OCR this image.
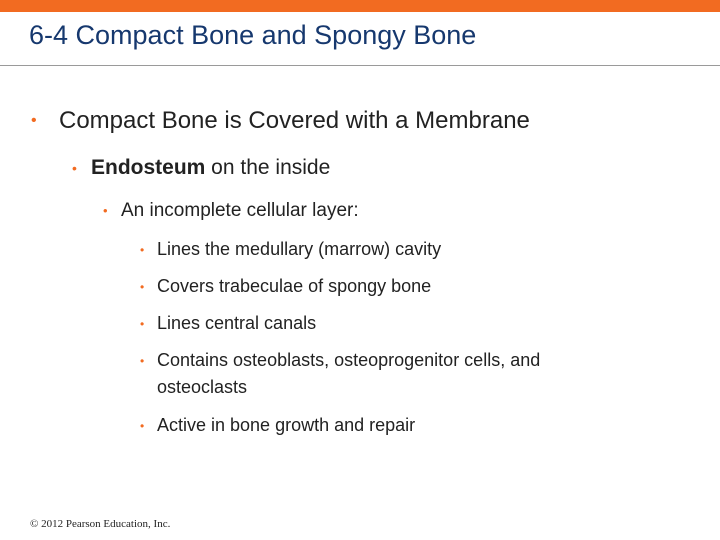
6-4 Compact Bone and Spongy Bone
• Compact Bone is Covered with a Membrane
• Endosteum on the inside
• An incomplete cellular layer:
• Lines the medullary (marrow) cavity
• Covers trabeculae of spongy bone
• Lines central canals
• Contains osteoblasts, osteoprogenitor cells, and osteoclasts
• Active in bone growth and repair
© 2012 Pearson Education, Inc.
